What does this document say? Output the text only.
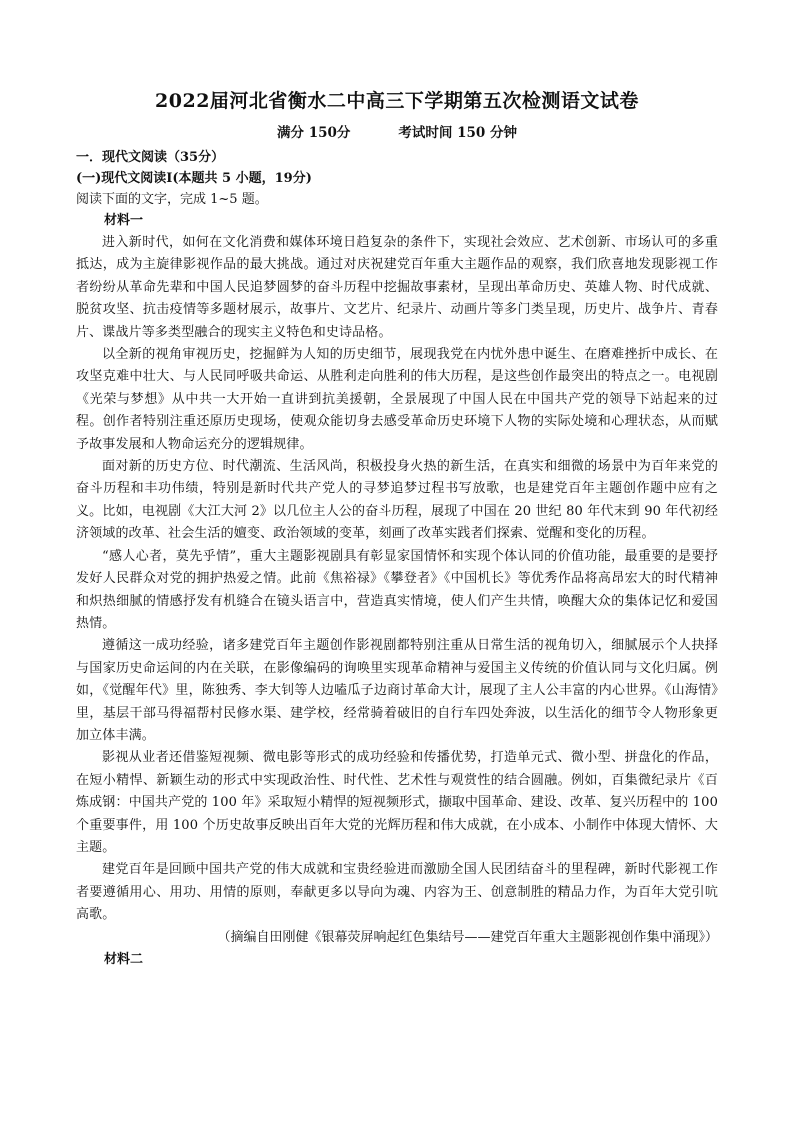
2022届河北省衡水二中高三下学期第五次检测语文试卷
满分 150分	考试时间 150 分钟

一．现代文阅读（35分）

(一)现代文阅读Ⅰ(本题共 5 小题，19分)

阅读下面的文字，完成 1~5 题。

材料一

进入新时代，如何在文化消费和媒体环境日趋复杂的条件下，实现社会效应、艺术创新、市场认可的多重抵达，成为主旋律影视作品的最大挑战。通过对庆祝建党百年重大主题作品的观察，我们欣喜地发现影视工作者纷纷从革命先辈和中国人民追梦圆梦的奋斗历程中挖掘故事素材，呈现出革命历史、英雄人物、时代成就、脱贫攻坚、抗击疫情等多题材展示，故事片、文艺片、纪录片、动画片等多门类呈现，历史片、战争片、青春片、谍战片等多类型融合的现实主义特色和史诗品格。

以全新的视角审视历史，挖掘鲜为人知的历史细节，展现我党在内忧外患中诞生、在磨难挫折中成长、在攻坚克难中壮大、与人民同呼吸共命运、从胜利走向胜利的伟大历程，是这些创作最突出的特点之一。电视剧《光荣与梦想》从中共一大开始一直讲到抗美援朝，全景展现了中国人民在中国共产党的领导下站起来的过程。创作者特别注重还原历史现场，使观众能切身去感受革命历史环境下人物的实际处境和心理状态，从而赋予故事发展和人物命运充分的逻辑规律。

面对新的历史方位、时代潮流、生活风尚，积极投身火热的新生活，在真实和细微的场景中为百年来党的奋斗历程和丰功伟绩，特别是新时代共产党人的寻梦追梦过程书写放歌，也是建党百年主题创作题中应有之义。比如，电视剧《大江大河 2》以几位主人公的奋斗历程，展现了中国在 20 世纪 80 年代末到 90 年代初经济领域的改革、社会生活的嬗变、政治领域的变革，刻画了改革实践者们探索、觉醒和变化的历程。

“感人心者，莫先乎情”，重大主题影视剧具有彰显家国情怀和实现个体认同的价值功能，最重要的是要抒发好人民群众对党的拥护热爱之情。此前《焦裕禄》《攀登者》《中国机长》等优秀作品将高昂宏大的时代精神和炽热细腻的情感抒发有机缝合在镜头语言中，营造真实情境，使人们产生共情，唤醒大众的集体记忆和爱国热情。

遵循这一成功经验，诸多建党百年主题创作影视剧都特别注重从日常生活的视角切入，细腻展示个人抉择与国家历史命运间的内在关联，在影像编码的询唤里实现革命精神与爱国主义传统的价值认同与文化归属。例如，《觉醒年代》里，陈独秀、李大钊等人边嗑瓜子边商讨革命大计，展现了主人公丰富的内心世界。《山海情》里，基层干部马得福帮村民修水渠、建学校，经常骑着破旧的自行车四处奔波，以生活化的细节令人物形象更加立体丰满。

影视从业者还借鉴短视频、微电影等形式的成功经验和传播优势，打造单元式、微小型、拼盘化的作品，在短小精悍、新颖生动的形式中实现政治性、时代性、艺术性与观赏性的结合圆融。例如，百集微纪录片《百炼成钢：中国共产党的 100 年》采取短小精悍的短视频形式，撷取中国革命、建设、改革、复兴历程中的 100 个重要事件，用 100 个历史故事反映出百年大党的光辉历程和伟大成就，在小成本、小制作中体现大情怀、大主题。

建党百年是回顾中国共产党的伟大成就和宝贵经验进而激励全国人民团结奋斗的里程碑，新时代影视工作者要遵循用心、用功、用情的原则，奉献更多以导向为魂、内容为王、创意制胜的精品力作，为百年大党引吭高歌。

（摘编自田刚健《银幕荧屏响起红色集结号——建党百年重大主题影视创作集中涌现》）

材料二
